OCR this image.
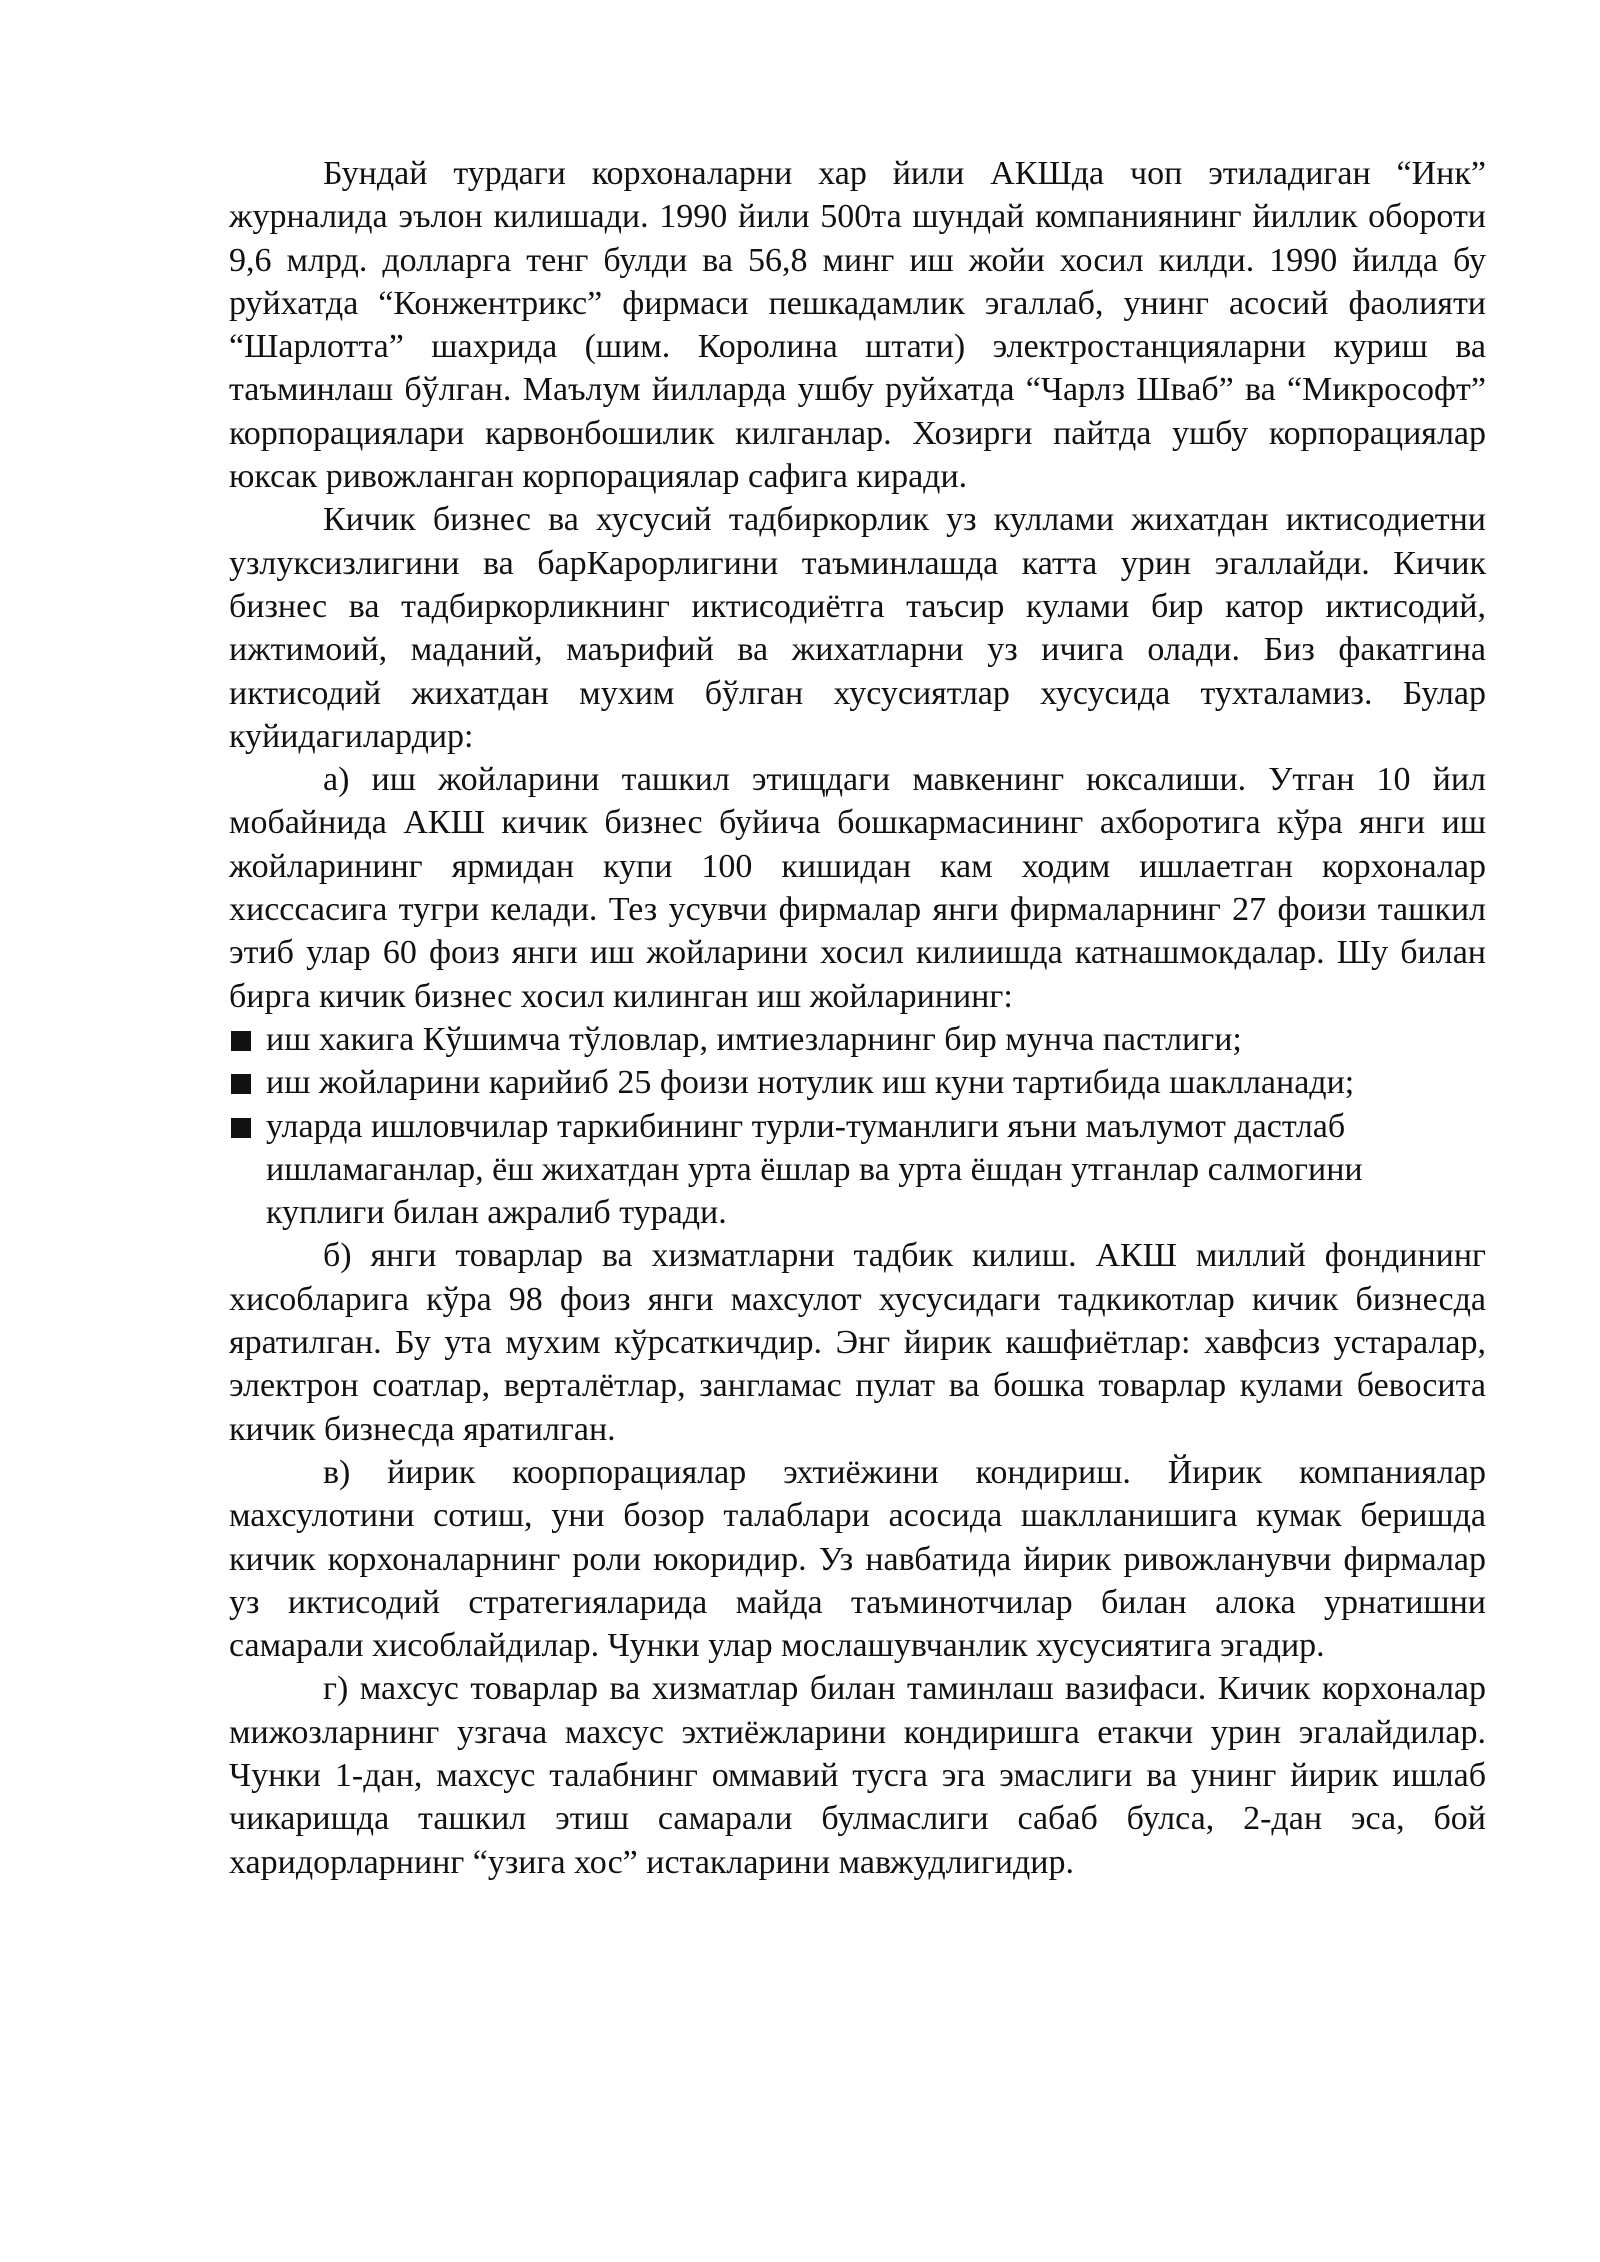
Бундай турдаги корхоналарни хар йили АКШда чоп этиладиган “Инк” журналида эълон килишади. 1990 йили 500та шундай компаниянинг йиллик обороти 9,6 млрд. долларга тенг булди ва 56,8 минг иш жойи хосил килди. 1990 йилда бу руйхатда “Конжентрикс” фирмаси пешкадамлик эгаллаб, унинг асосий фаолияти “Шарлотта” шахрида (шим. Королина штати) электростанцияларни куриш ва таъминлаш бўлган. Маълум йилларда ушбу руйхатда “Чарлз Шваб” ва “Микрософт” корпорациялари карвонбошилик килганлар. Хозирги пайтда ушбу корпорациялар юксак ривожланган корпорациялар сафига киради.

Кичик бизнес ва хусусий тадбиркорлик уз куллами жихатдан иктисодиетни узлуксизлигини ва барКарорлигини таъминлашда катта урин эгаллайди. Кичик бизнес ва тадбиркорликнинг иктисодиётга таъсир кулами бир катор иктисодий, ижтимоий, маданий, маърифий ва жихатларни уз ичига олади. Биз факатгина иктисодий жихатдан мухим бўлган хусусиятлар хусусида тухталамиз. Булар куйидагилардир:

а) иш жойларини ташкил этищдаги мавкенинг юксалиши. Утган 10 йил мобайнида АКШ кичик бизнес буйича бошкармасининг ахборотига кўра янги иш жойларининг ярмидан купи 100 кишидан кам ходим ишлаетган корхоналар хисссасига тугри келади. Тез усувчи фирмалар янги фирмаларнинг 27 фоизи ташкил этиб улар 60 фоиз янги иш жойларини хосил килиишда катнашмокдалар. Шу билан бирга кичик бизнес хосил килинган иш жойларининг:

иш хакига Кўшимча тўловлар, имтиезларнинг бир мунча пастлиги;
иш жойларини карийиб 25 фоизи нотулик иш куни тартибида шаклланади;
уларда ишловчилар таркибининг турли-туманлиги яъни маълумот дастлаб ишламаганлар, ёш жихатдан урта ёшлар ва урта ёшдан утганлар салмогини куплиги билан ажралиб туради.

б) янги товарлар ва хизматларни тадбик килиш. АКШ миллий фондининг хисобларига кўра 98 фоиз янги махсулот хусусидаги тадкикотлар кичик бизнесда яратилган. Бу ута мухим кўрсаткичдир. Энг йирик кашфиётлар: хавфсиз устаралар, электрон соатлар, верталётлар, зангламас пулат ва бошка товарлар кулами бевосита кичик бизнесда яратилган.

в) йирик коорпорациялар эхтиёжини кондириш. Йирик компаниялар махсулотини сотиш, уни бозор талаблари асосида шаклланишига кумак беришда кичик корхоналарнинг роли юкоридир. Уз навбатида йирик ривожланувчи фирмалар уз иктисодий стратегияларида майда таъминотчилар билан алока урнатишни самарали хисоблайдилар. Чунки улар мослашувчанлик хусусиятига эгадир.

г) махсус товарлар ва хизматлар билан таминлаш вазифаси. Кичик корхоналар мижозларнинг узгача махсус эхтиёжларини кондиришга етакчи урин эгалайдилар. Чунки 1-дан, махсус талабнинг оммавий тусга эга эмаслиги ва унинг йирик ишлаб чикаришда ташкил этиш самарали булмаслиги сабаб булса, 2-дан эса, бой харидорларнинг “узига хос” истакларини мавжудлигидир.
